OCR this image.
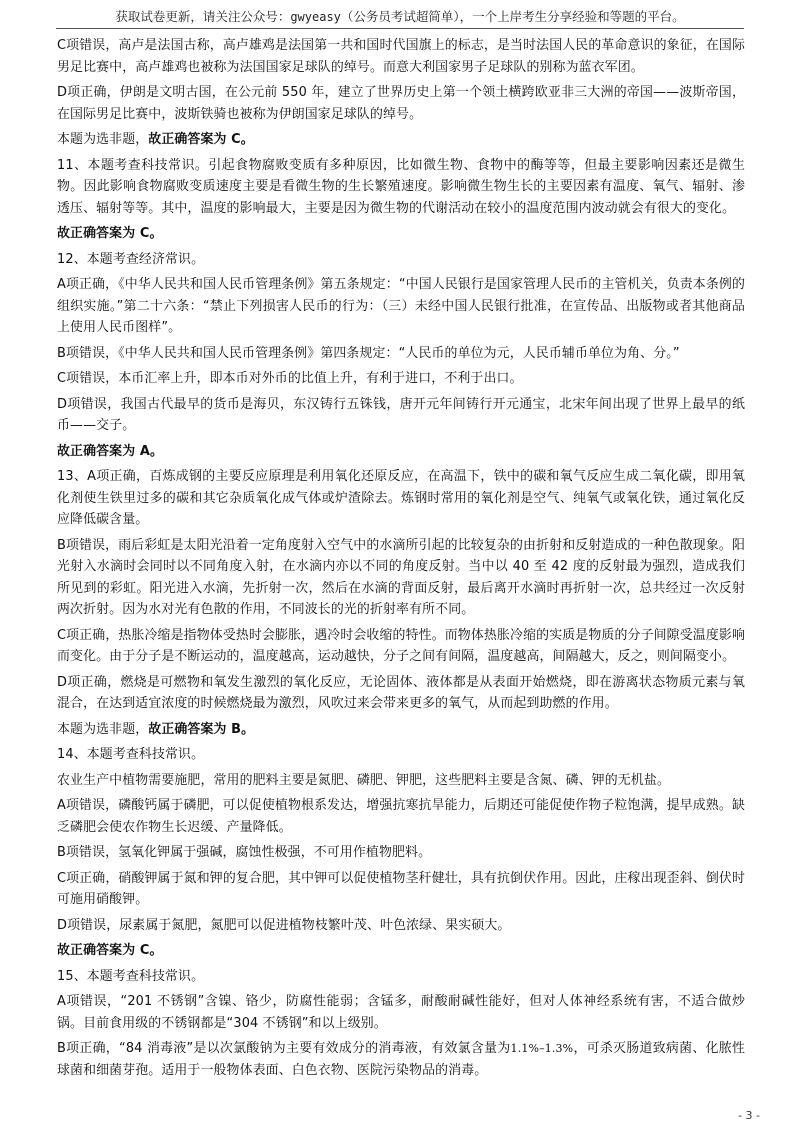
获取试卷更新，请关注公众号：gwyeasy（公务员考试超简单），一个上岸考生分享经验和等题的平台。
C项错误，高卢是法国古称，高卢雄鸡是法国第一共和国时代国旗上的标志，是当时法国人民的革命意识的象征，在国际男足比赛中，高卢雄鸡也被称为法国国家足球队的绰号。而意大利国家男子足球队的别称为蓝衣军团。
D项正确，伊朗是文明古国，在公元前 550 年，建立了世界历史上第一个领土横跨欧亚非三大洲的帝国——波斯帝国，在国际男足比赛中，波斯铁骑也被称为伊朗国家足球队的绰号。
本题为选非题，故正确答案为 C。
11、本题考查科技常识。引起食物腐败变质有多种原因，比如微生物、食物中的酶等等，但最主要影响因素还是微生物。因此影响食物腐败变质速度主要是看微生物的生长繁殖速度。影响微生物生长的主要因素有温度、氧气、辐射、渗透压、辐射等等。其中，温度的影响最大，主要是因为微生物的代谢活动在较小的温度范围内波动就会有很大的变化。
故正确答案为 C。
12、本题考查经济常识。
A项正确，《中华人民共和国人民币管理条例》第五条规定：“中国人民银行是国家管理人民币的主管机关，负责本条例的组织实施。”第二十六条：“禁止下列损害人民币的行为：（三）未经中国人民银行批准，在宣传品、出版物或者其他商品上使用人民币图样”。
B项错误，《中华人民共和国人民币管理条例》第四条规定：“人民币的单位为元，人民币辅币单位为角、分。”
C项错误，本币汇率上升，即本币对外币的比值上升，有利于进口，不利于出口。
D项错误，我国古代最早的货币是海贝，东汉铸行五铢钱，唐开元年间铸行开元通宝，北宋年间出现了世界上最早的纸币——交子。
故正确答案为 A。
13、A项正确，百炼成钢的主要反应原理是利用氧化还原反应，在高温下，铁中的碳和氧气反应生成二氧化碳，即用氧化剂使生铁里过多的碳和其它杂质氧化成气体或炉渣除去。炼钢时常用的氧化剂是空气、纯氧气或氧化铁，通过氧化反应降低碳含量。
B项错误，雨后彩虹是太阳光沿着一定角度射入空气中的水滴所引起的比较复杂的由折射和反射造成的一种色散现象。阳光射入水滴时会同时以不同角度入射，在水滴内亦以不同的角度反射。当中以 40 至 42 度的反射最为强烈，造成我们所见到的彩虹。阳光进入水滴，先折射一次，然后在水滴的背面反射，最后离开水滴时再折射一次，总共经过一次反射两次折射。因为水对光有色散的作用，不同波长的光的折射率有所不同。
C项正确，热胀冷缩是指物体受热时会膨胀，遇冷时会收缩的特性。而物体热胀冷缩的实质是物质的分子间隙受温度影响而变化。由于分子是不断运动的，温度越高，运动越快，分子之间有间隔，温度越高，间隔越大，反之，则间隔变小。
D项正确，燃烧是可燃物和氧发生激烈的氧化反应，无论固体、液体都是从表面开始燃烧，即在游离状态物质元素与氧混合，在达到适宜浓度的时候燃烧最为激烈，风吹过来会带来更多的氧气，从而起到助燃的作用。
本题为选非题，故正确答案为 B。
14、本题考查科技常识。
农业生产中植物需要施肥，常用的肥料主要是氮肥、磷肥、钾肥，这些肥料主要是含氮、磷、钾的无机盐。
A项错误，磷酸钙属于磷肥，可以促使植物根系发达，增强抗寒抗旱能力，后期还可能促使作物子粒饱满，提早成熟。缺乏磷肥会使农作物生长迟缓、产量降低。
B项错误，氢氧化钾属于强碱，腐蚀性极强，不可用作植物肥料。
C项正确，硝酸钾属于氮和钾的复合肥，其中钾可以促使植物茎秆健壮，具有抗倒伏作用。因此，庄稼出现歪斜、倒伏时可施用硝酸钾。
D项错误，尿素属于氮肥，氮肥可以促进植物枝繁叶茂、叶色浓绿、果实硕大。
故正确答案为 C。
15、本题考查科技常识。
A项错误，“201 不锈钢”含镍、铬少，防腐性能弱；含锰多，耐酸耐碱性能好，但对人体神经系统有害，不适合做炒锅。目前食用级的不锈钢都是“304 不锈钢”和以上级别。
B项正确，“84 消毒液”是以次氯酸钠为主要有效成分的消毒液，有效氯含量为1.1%–1.3%，可杀灭肠道致病菌、化脓性球菌和细菌芽孢。适用于一般物体表面、白色衣物、医院污染物品的消毒。
- 3 -
